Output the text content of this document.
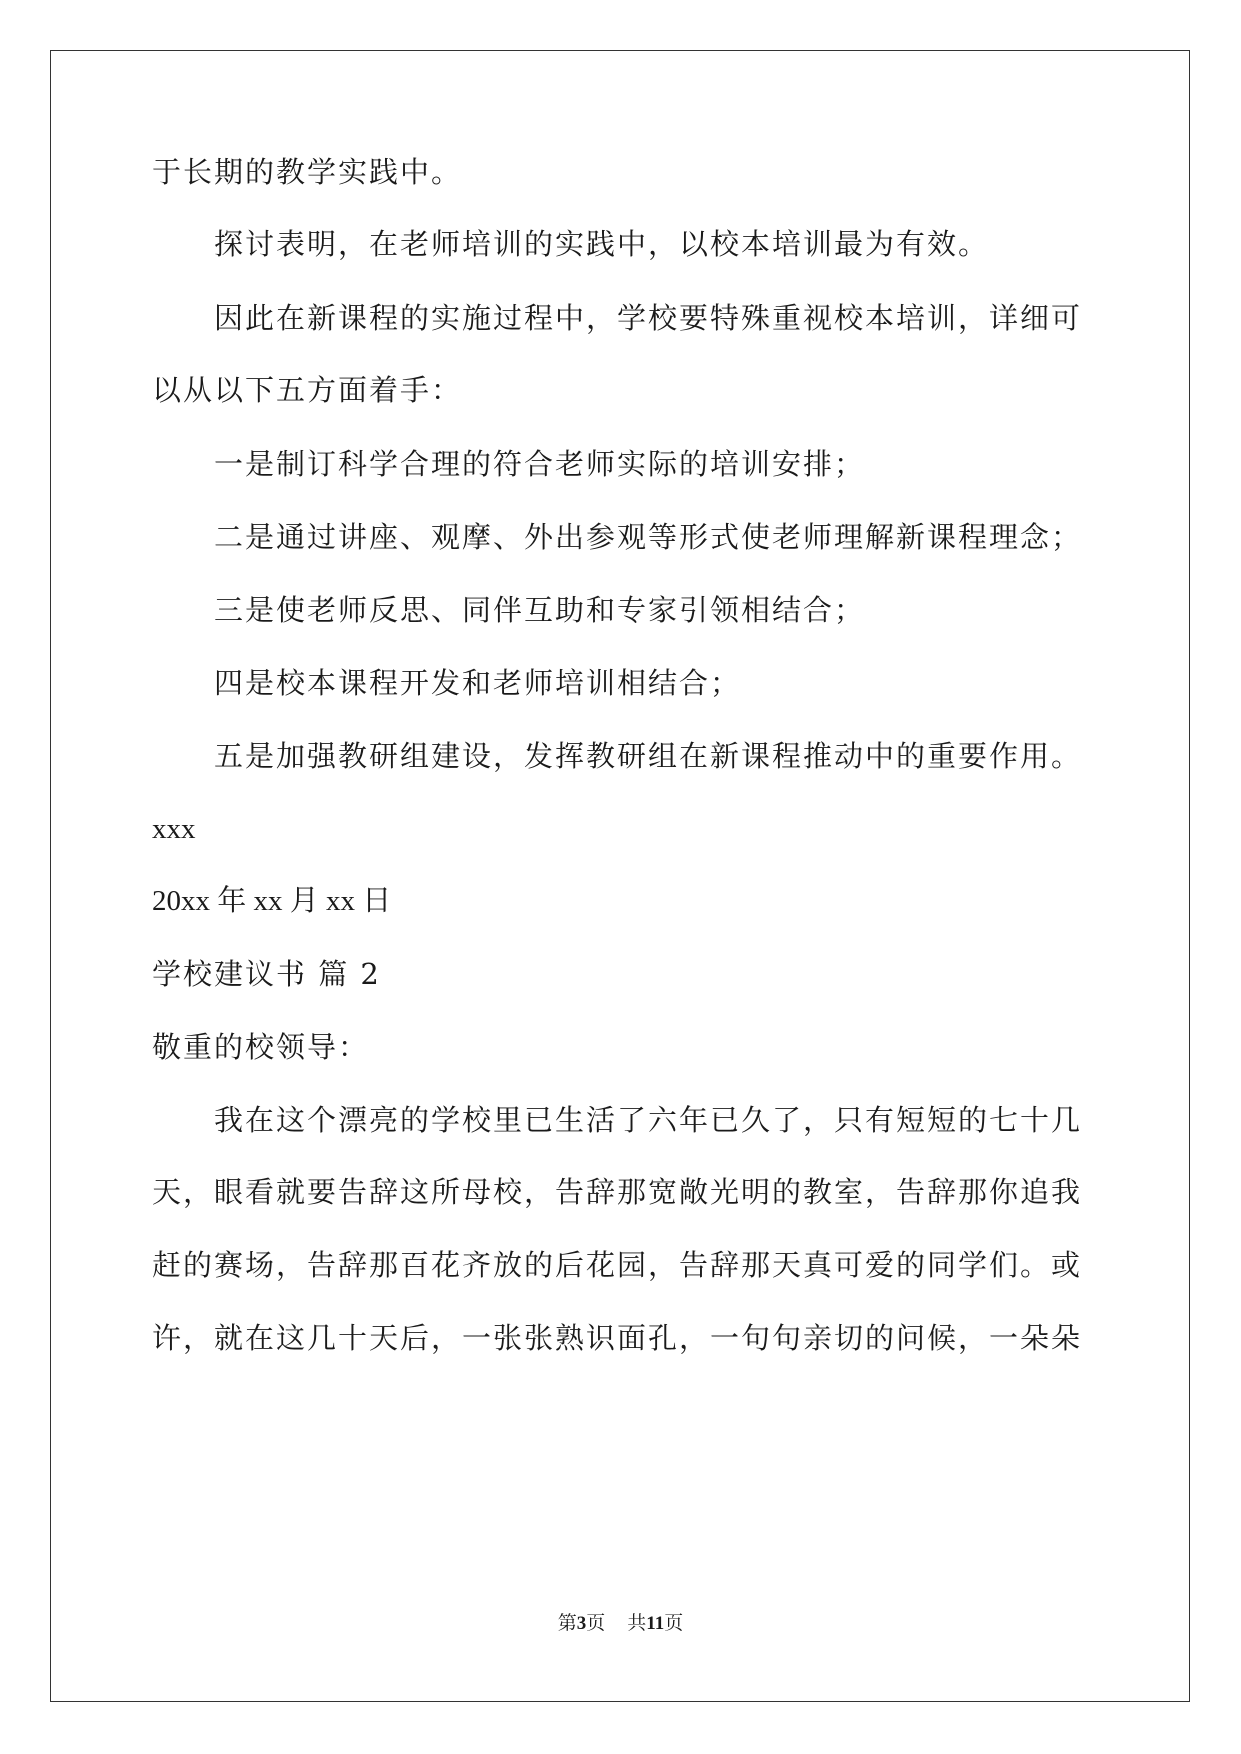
于长期的教学实践中。
探讨表明，在老师培训的实践中，以校本培训最为有效。
因此在新课程的实施过程中，学校要特殊重视校本培训，详细可
以从以下五方面着手：
一是制订科学合理的符合老师实际的培训安排；
二是通过讲座、观摩、外出参观等形式使老师理解新课程理念；
三是使老师反思、同伴互助和专家引领相结合；
四是校本课程开发和老师培训相结合；
五是加强教研组建设，发挥教研组在新课程推动中的重要作用。
xxx
20xx 年 xx 月 xx 日
学校建议书 篇 2
敬重的校领导：
我在这个漂亮的学校里已生活了六年已久了，只有短短的七十几
天，眼看就要告辞这所母校，告辞那宽敞光明的教室，告辞那你追我
赶的赛场，告辞那百花齐放的后花园，告辞那天真可爱的同学们。或
许，就在这几十天后，一张张熟识面孔，一句句亲切的问候，一朵朵
第3页 共11页
